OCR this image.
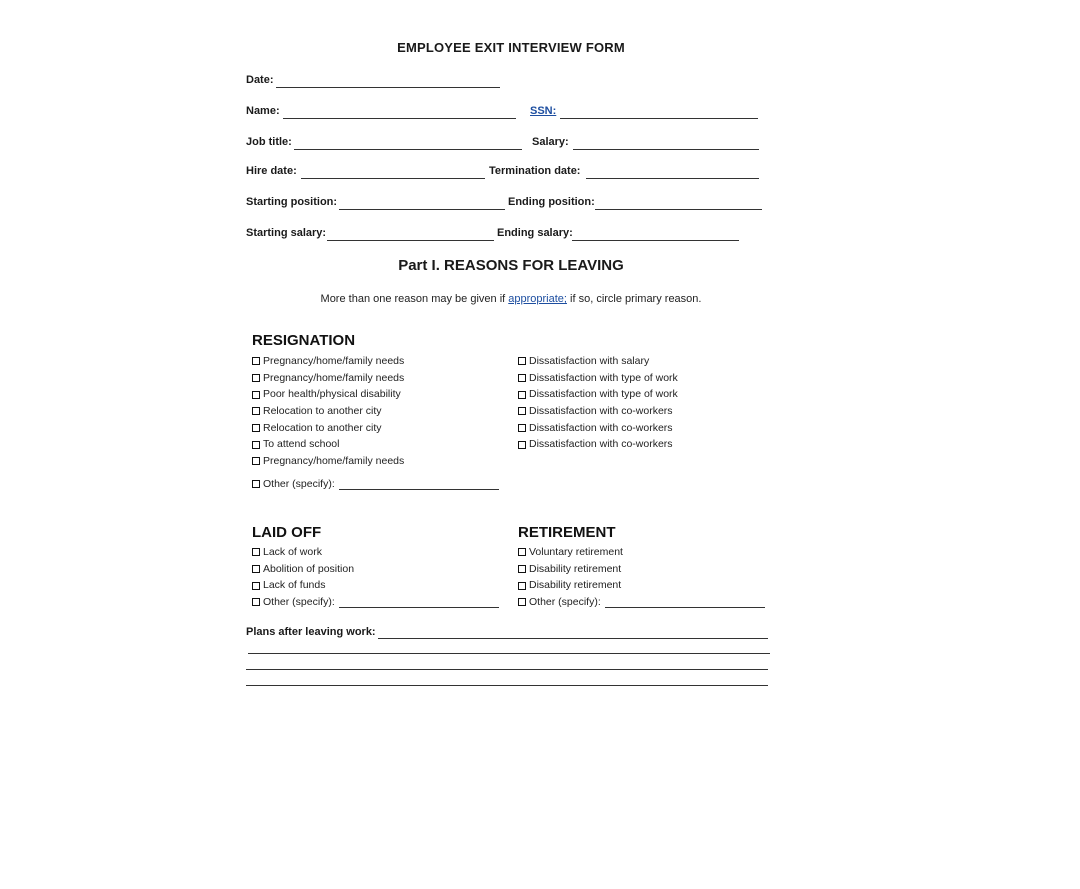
EMPLOYEE EXIT INTERVIEW FORM
Date:
Name:	SSN:
Job title:	Salary:
Hire date:	Termination date:
Starting position:	Ending position:
Starting salary:	Ending salary:
Part I. REASONS FOR LEAVING
More than one reason may be given if appropriate; if so, circle primary reason.
RESIGNATION
Pregnancy/home/family needs
Pregnancy/home/family needs
Poor health/physical disability
Relocation to another city
Relocation to another city
To attend school
Pregnancy/home/family needs
Dissatisfaction with salary
Dissatisfaction with type of work
Dissatisfaction with type of work
Dissatisfaction with co-workers
Dissatisfaction with co-workers
Dissatisfaction with co-workers
Other (specify):
LAID OFF
Lack of work
Abolition of position
Lack of funds
Other (specify):
RETIREMENT
Voluntary retirement
Disability retirement
Disability retirement
Other (specify):
Plans after leaving work:
